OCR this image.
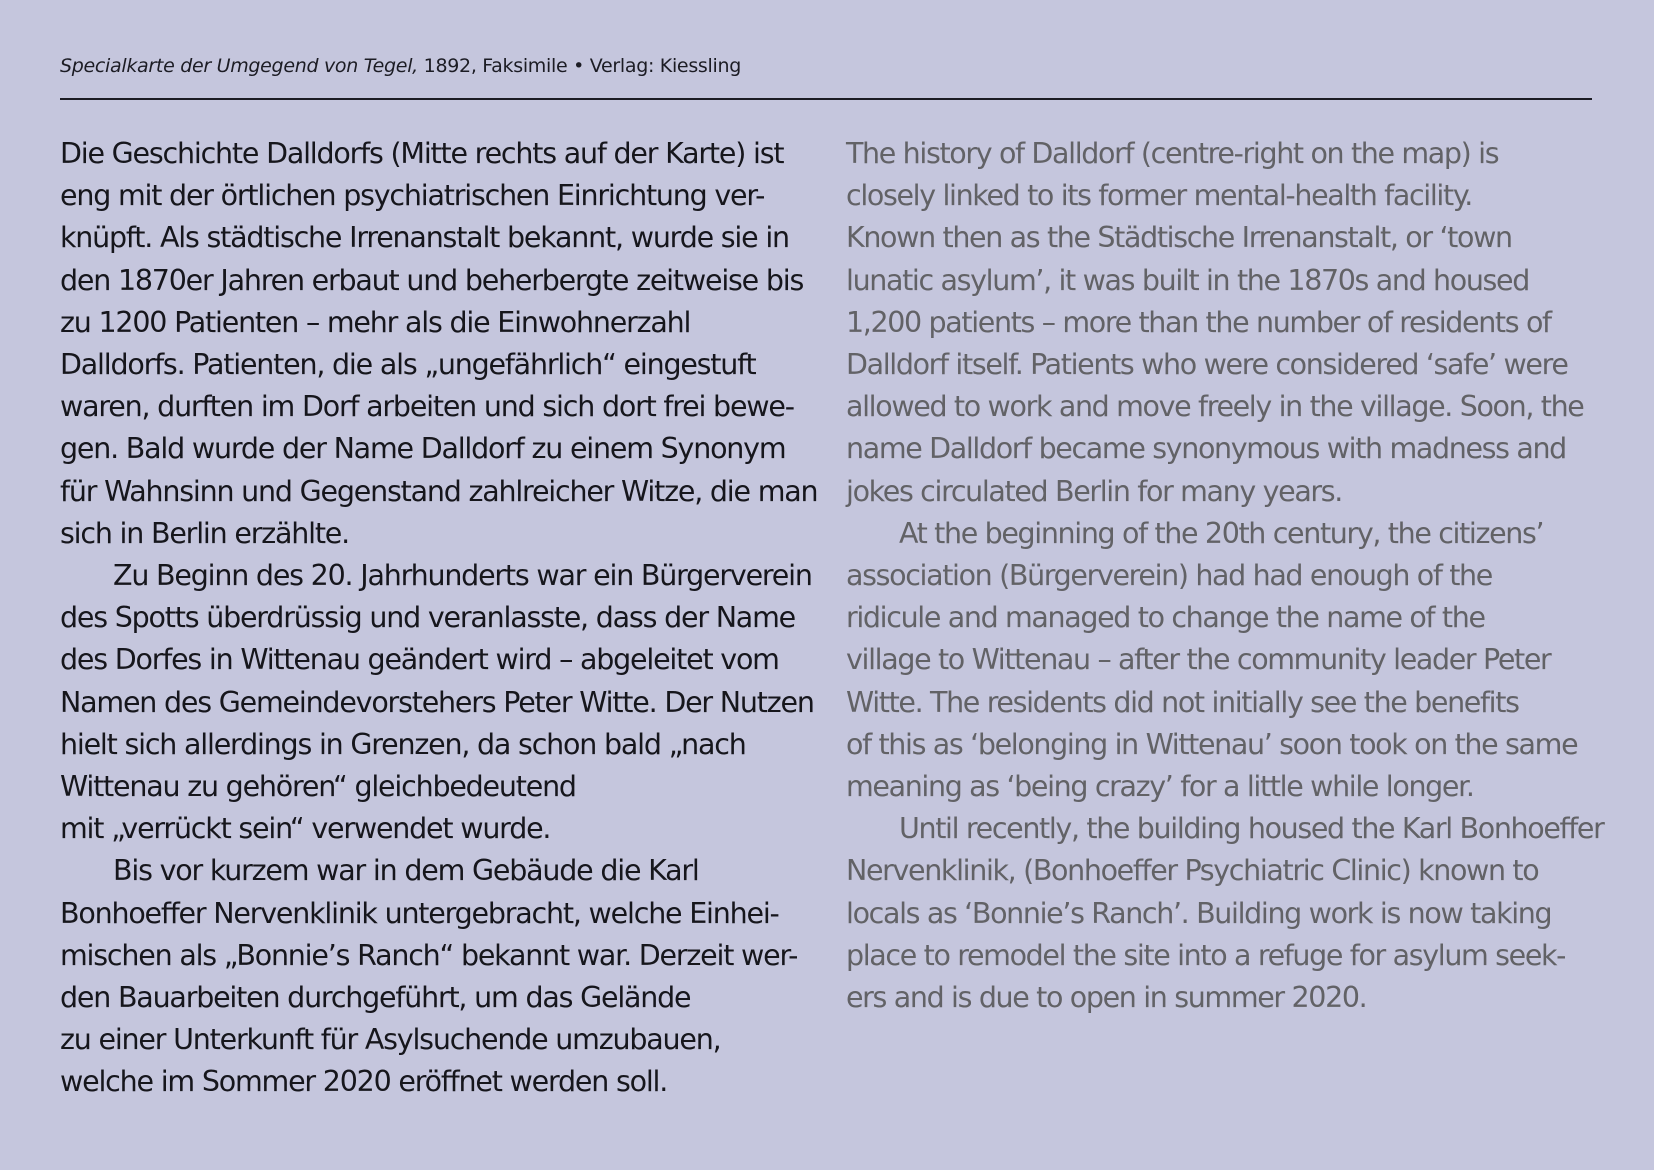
Specialkarte der Umgegend von Tegel, 1892, Faksimile • Verlag: Kiessling

Die Geschichte Dalldorfs (Mitte rechts auf der Karte) ist
eng mit der örtlichen psychiatrischen Einrichtung ver-
knüpft. Als städtische Irrenanstalt bekannt, wurde sie in
den 1870er Jahren erbaut und beherbergte zeitweise bis
zu 1200 Patienten – mehr als die Einwohnerzahl
Dalldorfs. Patienten, die als „ungefährlich“ eingestuft
waren, durften im Dorf arbeiten und sich dort frei bewe-
gen. Bald wurde der Name Dalldorf zu einem Synonym
für Wahnsinn und Gegenstand zahlreicher Witze, die man
sich in Berlin erzählte.

Zu Beginn des 20. Jahrhunderts war ein Bürgerverein
des Spotts überdrüssig und veranlasste, dass der Name
des Dorfes in Wittenau geändert wird – abgeleitet vom
Namen des Gemeindevorstehers Peter Witte. Der Nutzen
hielt sich allerdings in Grenzen, da schon bald „nach
Wittenau zu gehören“ gleichbedeutend
mit „verrückt sein“ verwendet wurde.

Bis vor kurzem war in dem Gebäude die Karl
Bonhoeffer Nervenklinik untergebracht, welche Einhei-
mischen als „Bonnie’s Ranch“ bekannt war. Derzeit wer-
den Bauarbeiten durchgeführt, um das Gelände
zu einer Unterkunft für Asylsuchende umzubauen,
welche im Sommer 2020 eröffnet werden soll.

The history of Dalldorf (centre-right on the map) is
closely linked to its former mental-health facility.
Known then as the Städtische Irrenanstalt, or ‘town
lunatic asylum’, it was built in the 1870s and housed
1,200 patients – more than the number of residents of
Dalldorf itself. Patients who were considered ‘safe’ were
allowed to work and move freely in the village. Soon, the
name Dalldorf became synonymous with madness and
jokes circulated Berlin for many years.

At the beginning of the 20th century, the citizens’
association (Bürgerverein) had had enough of the
ridicule and managed to change the name of the
village to Wittenau – after the community leader Peter
Witte. The residents did not initially see the benefits
of this as ‘belonging in Wittenau’ soon took on the same
meaning as ‘being crazy’ for a little while longer.

Until recently, the building housed the Karl Bonhoeffer
Nervenklinik, (Bonhoeffer Psychiatric Clinic) known to
locals as ‘Bonnie’s Ranch’. Building work is now taking
place to remodel the site into a refuge for asylum seek-
ers and is due to open in summer 2020.
